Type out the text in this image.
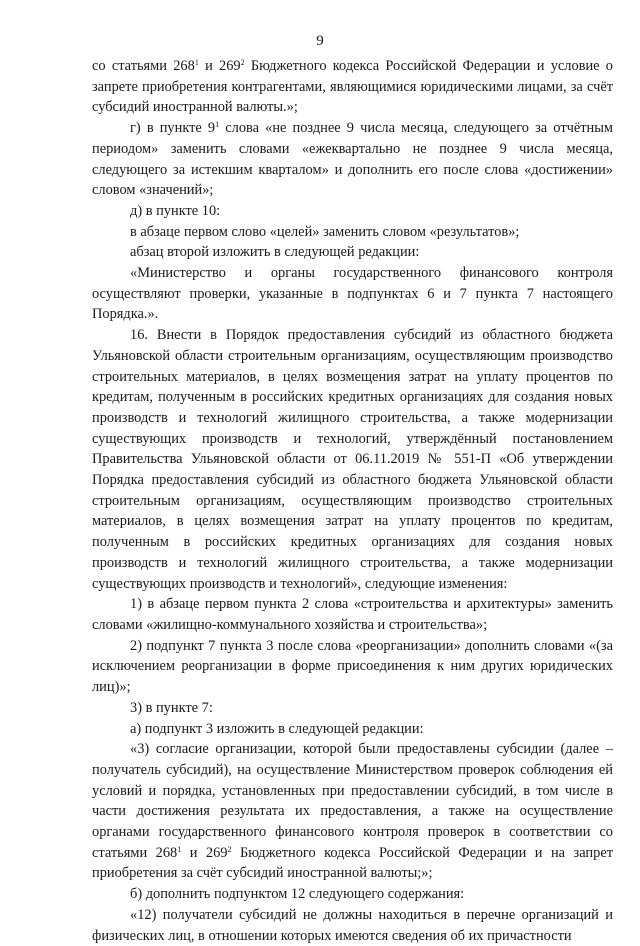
9
со статьями $268^1$ и $269^2$ Бюджетного кодекса Российской Федерации и условие о запрете приобретения контрагентами, являющимися юридическими лицами, за счёт субсидий иностранной валюты.»;
г) в пункте $9^1$ слова «не позднее 9 числа месяца, следующего за отчётным периодом» заменить словами «ежеквартально не позднее 9 числа месяца, следующего за истекшим кварталом» и дополнить его после слова «достижении» словом «значений»;
д) в пункте 10:
в абзаце первом слово «целей» заменить словом «результатов»;
абзац второй изложить в следующей редакции:
«Министерство и органы государственного финансового контроля осуществляют проверки, указанные в подпунктах 6 и 7 пункта 7 настоящего Порядка.».
16. Внести в Порядок предоставления субсидий из областного бюджета Ульяновской области строительным организациям, осуществляющим производство строительных материалов, в целях возмещения затрат на уплату процентов по кредитам, полученным в российских кредитных организациях для создания новых производств и технологий жилищного строительства, а также модернизации существующих производств и технологий, утверждённый постановлением Правительства Ульяновской области от 06.11.2019 № 551-П «Об утверждении Порядка предоставления субсидий из областного бюджета Ульяновской области строительным организациям, осуществляющим производство строительных материалов, в целях возмещения затрат на уплату процентов по кредитам, полученным в российских кредитных организациях для создания новых производств и технологий жилищного строительства, а также модернизации существующих производств и технологий», следующие изменения:
1) в абзаце первом пункта 2 слова «строительства и архитектуры» заменить словами «жилищно-коммунального хозяйства и строительства»;
2) подпункт 7 пункта 3 после слова «реорганизации» дополнить словами «(за исключением реорганизации в форме присоединения к ним других юридических лиц)»;
3) в пункте 7:
а) подпункт 3 изложить в следующей редакции:
«3) согласие организации, которой были предоставлены субсидии (далее – получатель субсидий), на осуществление Министерством проверок соблюдения ей условий и порядка, установленных при предоставлении субсидий, в том числе в части достижения результата их предоставления, а также на осуществление органами государственного финансового контроля проверок в соответствии со статьями $268^1$ и $269^2$ Бюджетного кодекса Российской Федерации и на запрет приобретения за счёт субсидий иностранной валюты;»;
б) дополнить подпунктом 12 следующего содержания:
«12) получатели субсидий не должны находиться в перечне организаций и физических лиц, в отношении которых имеются сведения об их причастности
